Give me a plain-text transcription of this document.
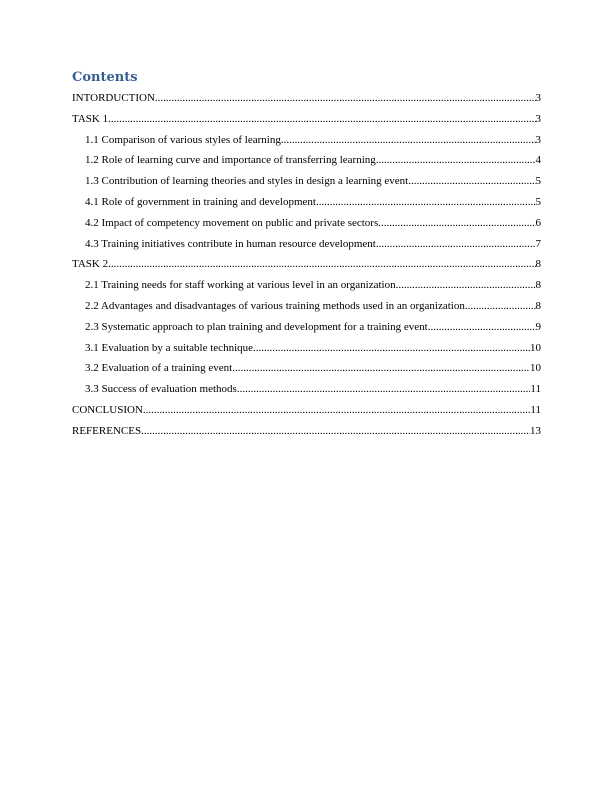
Contents
INTORDUCTION .....	3
TASK 1 .....	3
1.1 Comparison of various styles of learning .....	3
1.2 Role of learning curve and importance of transferring learning .....	4
1.3 Contribution of learning theories and styles in design a learning event .....	5
4.1 Role of government in training and development .....	5
4.2 Impact of competency movement on public and private sectors .....	6
4.3 Training initiatives contribute in human resource development .....	7
TASK 2 .....	8
2.1 Training needs for staff working at various level in an organization .....	8
2.2 Advantages and disadvantages of various training methods used in an organization .....	8
2.3 Systematic approach to plan training and development for a training event .....	9
3.1 Evaluation by a suitable technique .....	10
3.2 Evaluation of a training event .....	10
3.3 Success of evaluation methods .....	11
CONCLUSION .....	11
REFERENCES .....	13
